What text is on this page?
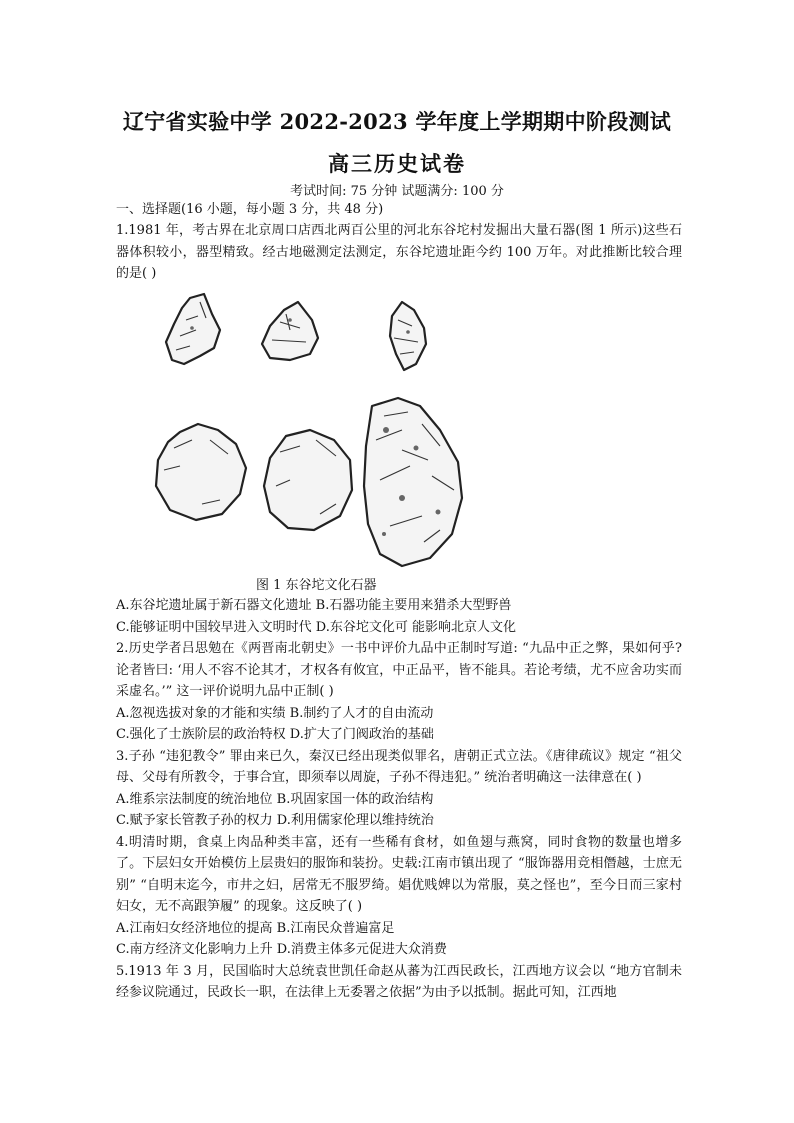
辽宁省实验中学 2022-2023 学年度上学期期中阶段测试
高三历史试卷
考试时间: 75 分钟 试题满分: 100 分
一、选择题(16 小题，每小题 3 分，共 48 分)

1.1981 年，考古界在北京周口店西北两百公里的河北东谷坨村发掘出大量石器(图 1 所示)这些石器体积较小，器型精致。经古地磁测定法测定，东谷坨遗址距今约 100 万年。对此推断比较合理的是( )

图 1 东谷坨文化石器

A.东谷坨遗址属于新石器文化遗址 B.石器功能主要用来猎杀大型野兽

C.能够证明中国较早进入文明时代 D.东谷坨文化可 能影响北京人文化

2.历史学者吕思勉在《两晋南北朝史》一书中评价九品中正制时写道: “九品中正之弊，果如何乎?论者皆曰: ‘用人不容不论其才，才权各有攸宜，中正品平，皆不能具。若论考绩，尤不应舍功实而采虚名。’” 这一评价说明九品中正制( )

A.忽视选拔对象的才能和实绩 B.制约了人才的自由流动

C.强化了士族阶层的政治特权 D.扩大了门阀政治的基础

3.子孙 “违犯教令” 罪由来已久，秦汉已经出现类似罪名，唐朝正式立法。《唐律疏议》规定 “祖父母、父母有所教令，于事合宜，即须奉以周旋，子孙不得违犯。” 统治者明确这一法律意在( )

A.维系宗法制度的统治地位 B.巩固家国一体的政治结构

C.赋予家长管教子孙的权力 D.利用儒家伦理以维持统治

4.明清时期，食桌上肉品种类丰富，还有一些稀有食材，如鱼翅与燕窝，同时食物的数量也增多了。下层妇女开始模仿上层贵妇的服饰和装扮。史载:江南市镇出现了 “服饰器用竞相僭越，士庶无别” “自明末迄今，市井之妇，居常无不服罗绮。娼优贱婢以为常服，莫之怪也”，至今日而三家村妇女，无不高跟笋履” 的现象。这反映了( )

A.江南妇女经济地位的提高 B.江南民众普遍富足

C.南方经济文化影响力上升 D.消费主体多元促进大众消费

5.1913 年 3 月，民国临时大总统袁世凯任命赵从蕃为江西民政长，江西地方议会以 “地方官制未经参议院通过，民政长一职，在法律上无委署之依据”为由予以抵制。据此可知，江西地
